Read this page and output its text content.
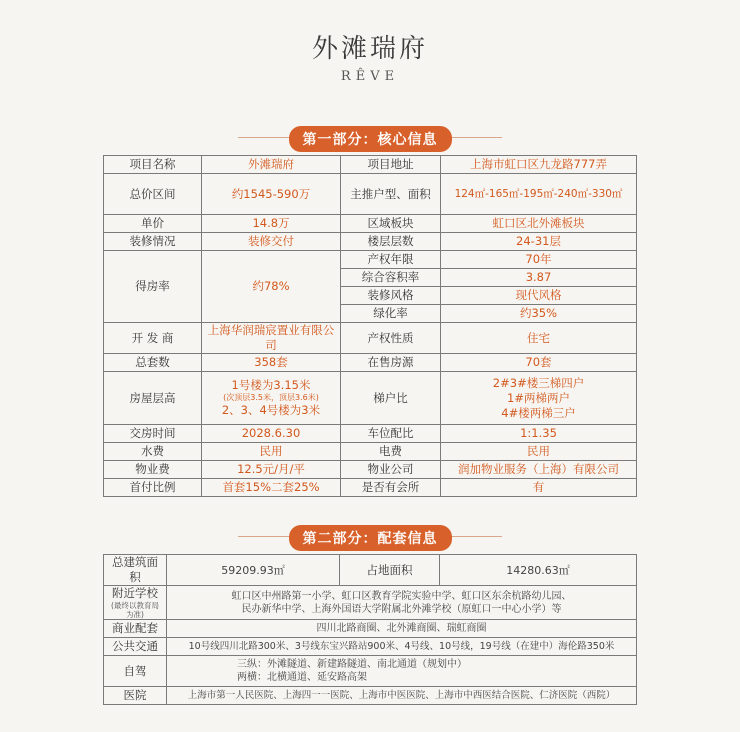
外滩瑞府
RÊVE
第一部分：核心信息
项目名称	外滩瑞府	项目地址	上海市虹口区九龙路777弄
总价区间	约1545-590万	主推户型、面积	124㎡-165㎡-195㎡-240㎡-330㎡
单价	14.8万	区域板块	虹口区北外滩板块
装修情况	装修交付	楼层层数	24-31层
得房率	约78%	产权年限	70年
		综合容积率	3.87
		装修风格	现代风格
		绿化率	约35%
开 发 商	上海华润瑞宸置业有限公司	产权性质	住宅
总套数	358套	在售房源	70套
房屋层高	1号楼为3.15米
(次顶层3.5米，顶层3.6米)
2、3、4号楼为3米	梯户比	2#3#楼三梯四户
1#两梯两户
4#楼两梯三户

交房时间	2028.6.30	车位配比	1:1.35
水费	民用	电费	民用
物业费	12.5元/月/平	物业公司	润加物业服务（上海）有限公司
首付比例	首套15%二套25%	是否有会所	有
第二部分：配套信息
总建筑面积	59209.93㎡	占地面积	14280.63㎡

附近学校
(最终以教育局为准)	虹口区中州路第一小学、虹口区教育学院实验中学、虹口区东余杭路幼儿园、
民办新华中学、上海外国语大学附属北外滩学校（原虹口一中心小学）等		

商业配套	四川北路商圈、北外滩商圈、瑞虹商圈		
公共交通	10号线四川北路300米、3号线东宝兴路站900米、4号线、10号线，19号线（在建中）海伦路350米		
自驾	三纵：外滩隧道、新建路隧道、南北通道（规划中）
两横：北横通道、延安路高架		

医院	上海市第一人民医院、上海四一一医院、上海市中医医院、上海市中西医结合医院、仁济医院（西院）		
